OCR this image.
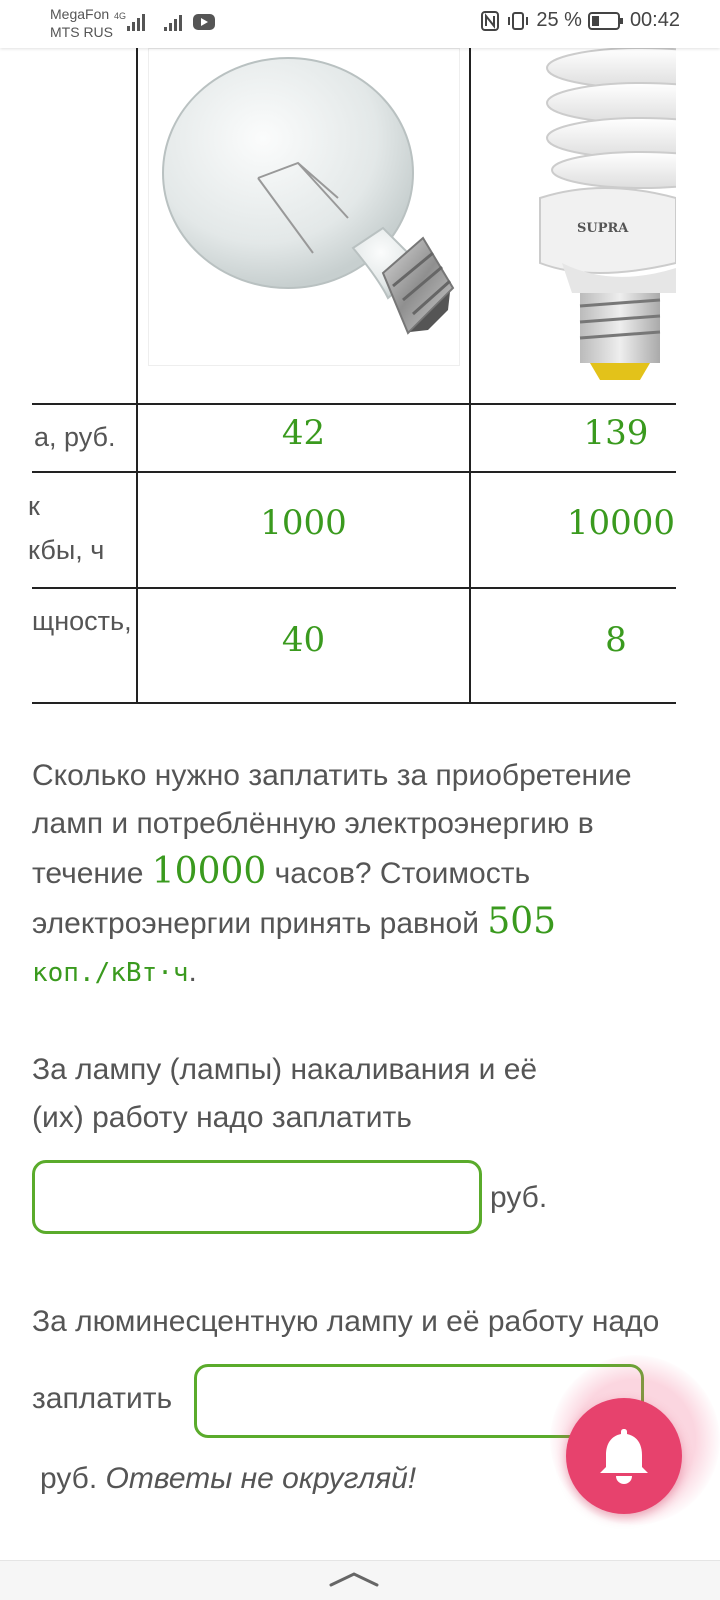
MegaFon
MTS RUS
4G	25 % 00:42
SUPRA
а, руб.	42	139
к
кбы, ч
1000	10000
щность,	40	8
Сколько нужно заплатить за приобретение ламп и потреблённую электроэнергию в течение 10000 часов? Стоимость электроэнергии принять равной 505
коп./кВт·ч.
За лампу (лампы) накаливания и её (их) работу надо заплатить
руб.
За люминесцентную лампу и её работу надо
заплатить
руб. Ответы не округляй!
